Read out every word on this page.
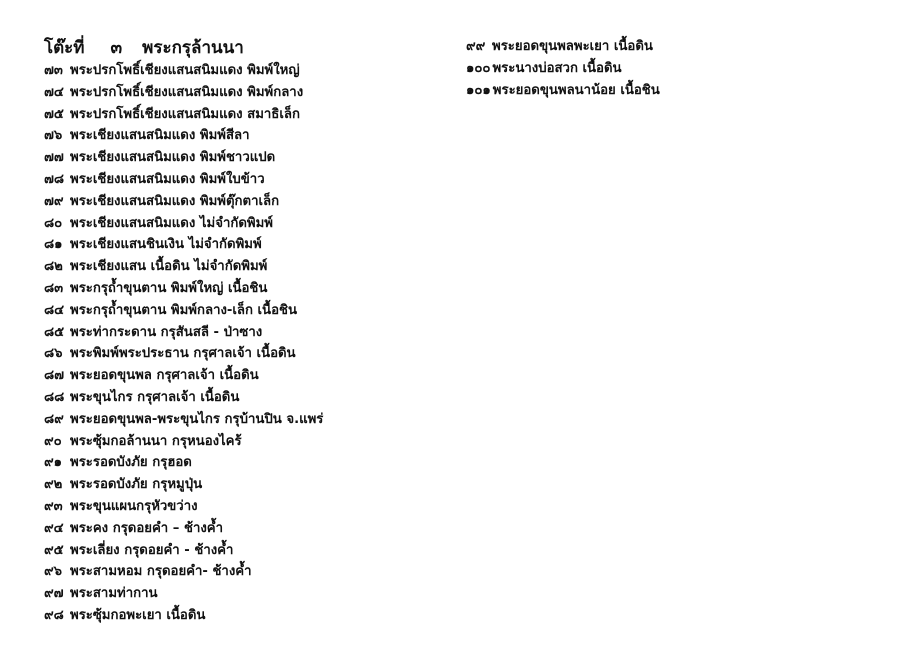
โต๊ะที่ ๓ พระกรุล้านนา
๗๓ พระปรกโพธิ์เชียงแสนสนิมแดง พิมพ์ใหญ่
๗๔ พระปรกโพธิ์เชียงแสนสนิมแดง พิมพ์กลาง
๗๕ พระปรกโพธิ์เชียงแสนสนิมแดง สมาธิเล็ก
๗๖ พระเชียงแสนสนิมแดง พิมพ์สีลา
๗๗ พระเชียงแสนสนิมแดง พิมพ์ชาวแปด
๗๘ พระเชียงแสนสนิมแดง พิมพ์ใบข้าว
๗๙ พระเชียงแสนสนิมแดง พิมพ์ตุ๊กตาเล็ก
๘๐ พระเชียงแสนสนิมแดง ไม่จำกัดพิมพ์
๘๑ พระเชียงแสนชินเงิน ไม่จำกัดพิมพ์
๘๒ พระเชียงแสน เนื้อดิน ไม่จำกัดพิมพ์
๘๓ พระกรุถ้ำขุนตาน พิมพ์ใหญ่ เนื้อชิน
๘๔ พระกรุถ้ำขุนตาน พิมพ์กลาง-เล็ก เนื้อชิน
๘๕ พระท่ากระดาน กรุสันสลี - ป่าซาง
๘๖ พระพิมพ์พระประธาน กรุศาลเจ้า เนื้อดิน
๘๗ พระยอดขุนพล กรุศาลเจ้า เนื้อดิน
๘๘ พระขุนไกร กรุศาลเจ้า เนื้อดิน
๘๙ พระยอดขุนพล-พระขุนไกร กรุบ้านปิน จ.แพร่
๙๐ พระซุ้มกอล้านนา กรุหนองไคร้
๙๑ พระรอดบังภัย กรุฮอด
๙๒ พระรอดบังภัย กรุหมูปุ่น
๙๓ พระขุนแผนกรุหัวขว่าง
๙๔ พระคง กรุดอยคำ – ช้างค้ำ
๙๕ พระเลี่ยง กรุดอยคำ - ช้างค้ำ
๙๖ พระสามหอม กรุดอยคำ- ช้างค้ำ
๙๗ พระสามท่ากาน
๙๘ พระซุ้มกอพะเยา เนื้อดิน
๙๙ พระยอดขุนพลพะเยา เนื้อดิน
๑๐๐ พระนางบ่อสวก เนื้อดิน
๑๐๑ พระยอดขุนพลนาน้อย เนื้อชิน
